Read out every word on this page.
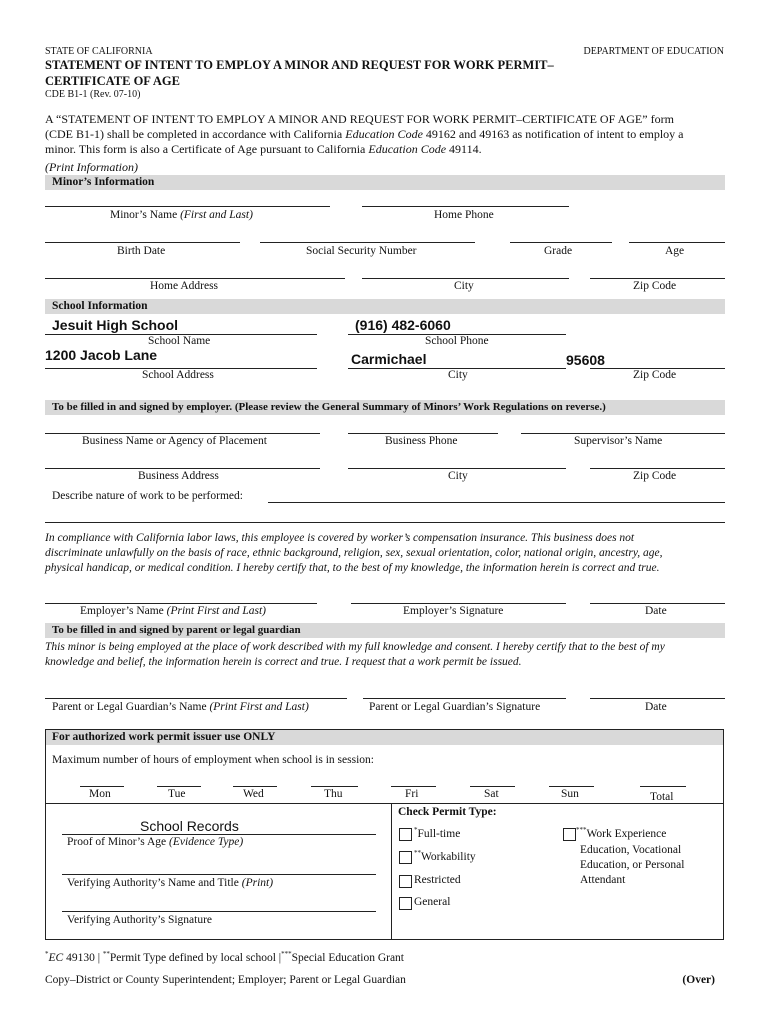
STATE OF CALIFORNIA	DEPARTMENT OF EDUCATION
STATEMENT OF INTENT TO EMPLOY A MINOR AND REQUEST FOR WORK PERMIT–
CERTIFICATE OF AGE
CDE B1-1 (Rev. 07-10)
A “STATEMENT OF INTENT TO EMPLOY A MINOR AND REQUEST FOR WORK PERMIT–CERTIFICATE OF AGE” form
(CDE B1-1) shall be completed in accordance with California Education Code 49162 and 49163 as notification of intent to employ a
minor. This form is also a Certificate of Age pursuant to California Education Code 49114.
(Print Information)
Minor’s Information
Minor’s Name (First and Last)	Home Phone
Birth Date	Social Security Number	Grade	Age
Home Address	City	Zip Code
School Information
Jesuit High School	(916) 482-6060
School Name	School Phone
1200 Jacob Lane	Carmichael	95608
School Address	City	Zip Code
To be filled in and signed by employer. (Please review the General Summary of Minors’ Work Regulations on reverse.)
Business Name or Agency of Placement	Business Phone	Supervisor’s Name
Business Address	City	Zip Code
Describe nature of work to be performed:
In compliance with California labor laws, this employee is covered by worker’s compensation insurance. This business does not
discriminate unlawfully on the basis of race, ethnic background, religion, sex, sexual orientation, color, national origin, ancestry, age,
physical handicap, or medical condition. I hereby certify that, to the best of my knowledge, the information herein is correct and true.
Employer’s Name (Print First and Last)	Employer’s Signature	Date
To be filled in and signed by parent or legal guardian
This minor is being employed at the place of work described with my full knowledge and consent. I hereby certify that to the best of my
knowledge and belief, the information herein is correct and true. I request that a work permit be issued.
Parent or Legal Guardian’s Name (Print First and Last)	Parent or Legal Guardian’s Signature	Date
For authorized work permit issuer use ONLY
Maximum number of hours of employment when school is in session:
Mon	Tue	Wed	Thu	Fri	Sat	Sun	Total
School Records
Proof of Minor’s Age (Evidence Type)
Verifying Authority’s Name and Title (Print)
Verifying Authority’s Signature
Check Permit Type:
*Full-time
**Workability
Restricted
General
***Work Experience
Education, Vocational
Education, or Personal
Attendant
*EC 49130 | **Permit Type defined by local school |***Special Education Grant
Copy–District or County Superintendent; Employer; Parent or Legal Guardian	(Over)
